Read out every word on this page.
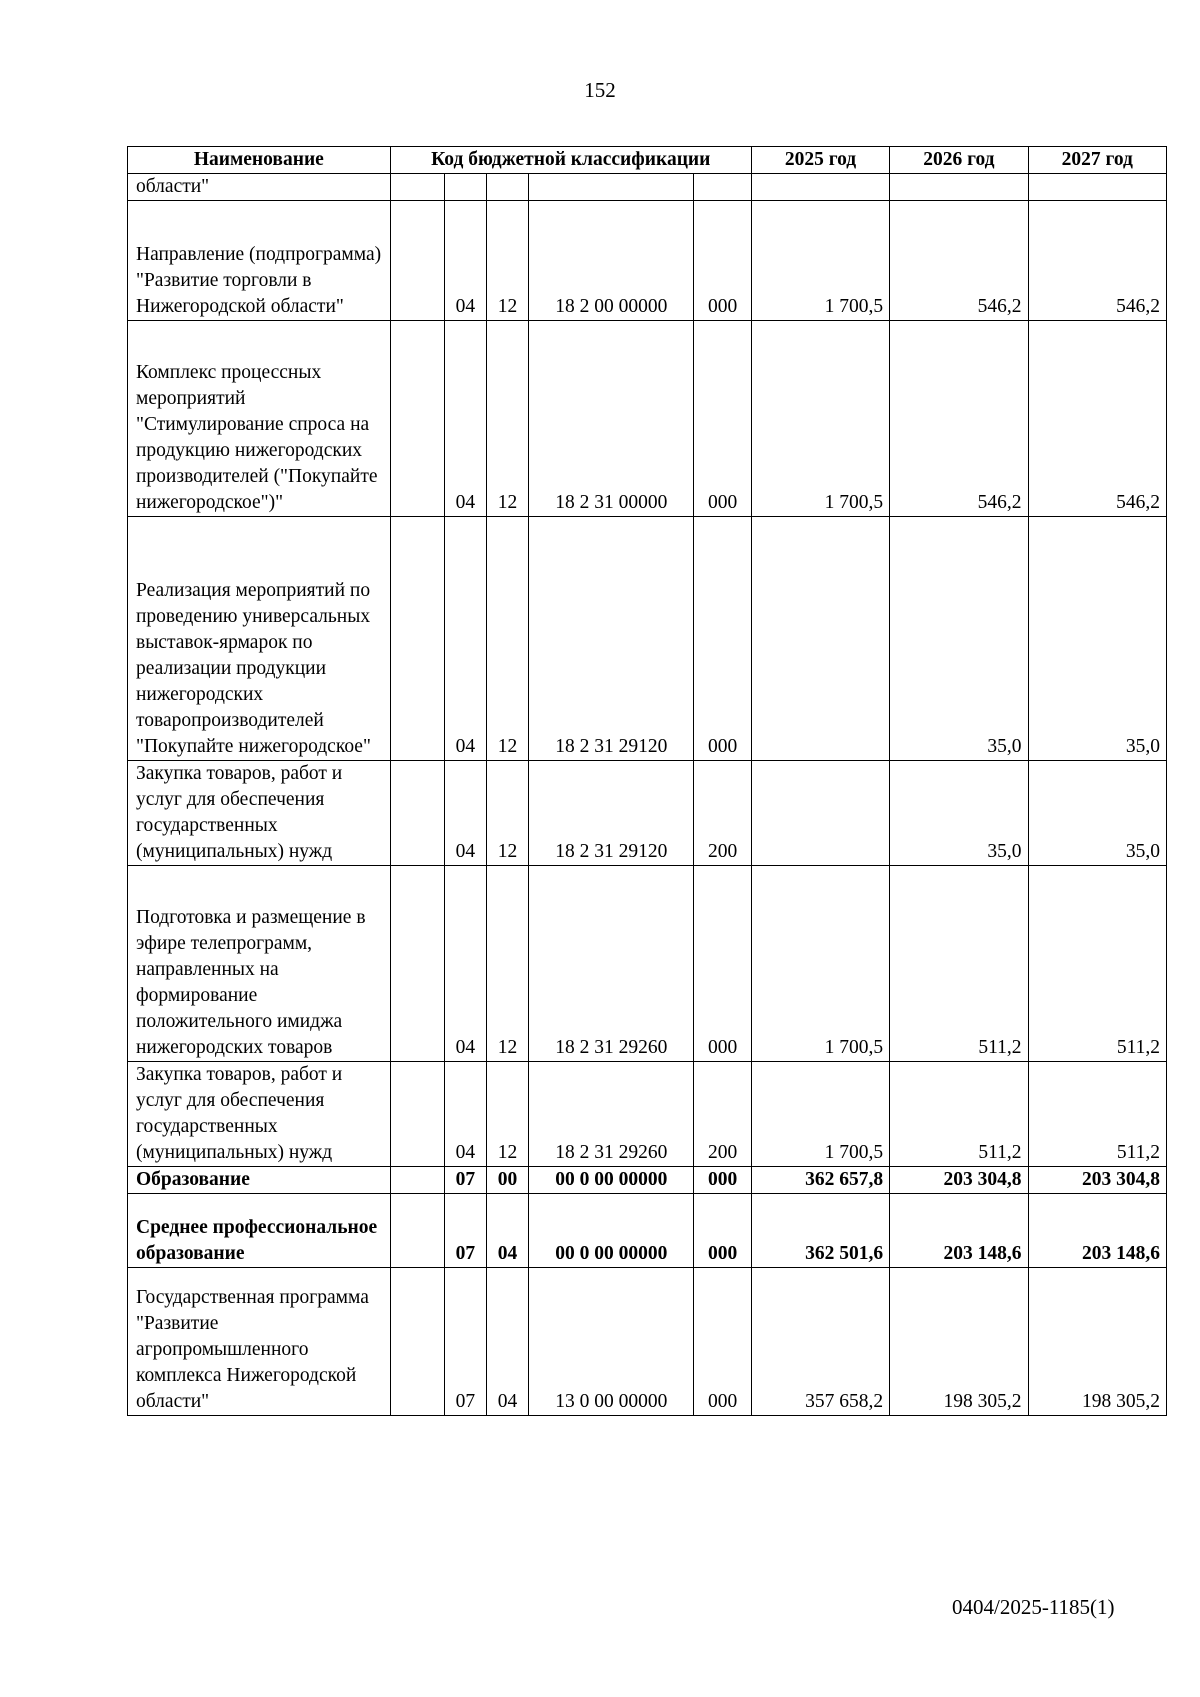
152
Наименование	Код бюджетной классификации					2025 год	2026 год	2027 год
области"								
Направление (подпрограмма) "Развитие торговли в Нижегородской области"		04	12	18 2 00 00000	000	1 700,5	546,2	546,2
Комплекс процессных мероприятий "Стимулирование спроса на продукцию нижегородских производителей ("Покупайте нижегородское")"		04	12	18 2 31 00000	000	1 700,5	546,2	546,2
Реализация мероприятий по проведению универсальных выставок-ярмарок по реализации продукции нижегородских товаропроизводителей "Покупайте нижегородское"		04	12	18 2 31 29120	000		35,0	35,0
Закупка товаров, работ и услуг для обеспечения государственных (муниципальных) нужд		04	12	18 2 31 29120	200		35,0	35,0
Подготовка и размещение в эфире телепрограмм, направленных на формирование положительного имиджа нижегородских товаров		04	12	18 2 31 29260	000	1 700,5	511,2	511,2
Закупка товаров, работ и услуг для обеспечения государственных (муниципальных) нужд		04	12	18 2 31 29260	200	1 700,5	511,2	511,2
Образование		07	00	00 0 00 00000	000	362 657,8	203 304,8	203 304,8
Среднее профессиональное образование		07	04	00 0 00 00000	000	362 501,6	203 148,6	203 148,6
Государственная программа "Развитие агропромышленного комплекса Нижегородской области"		07	04	13 0 00 00000	000	357 658,2	198 305,2	198 305,2
0404/2025-1185(1)
